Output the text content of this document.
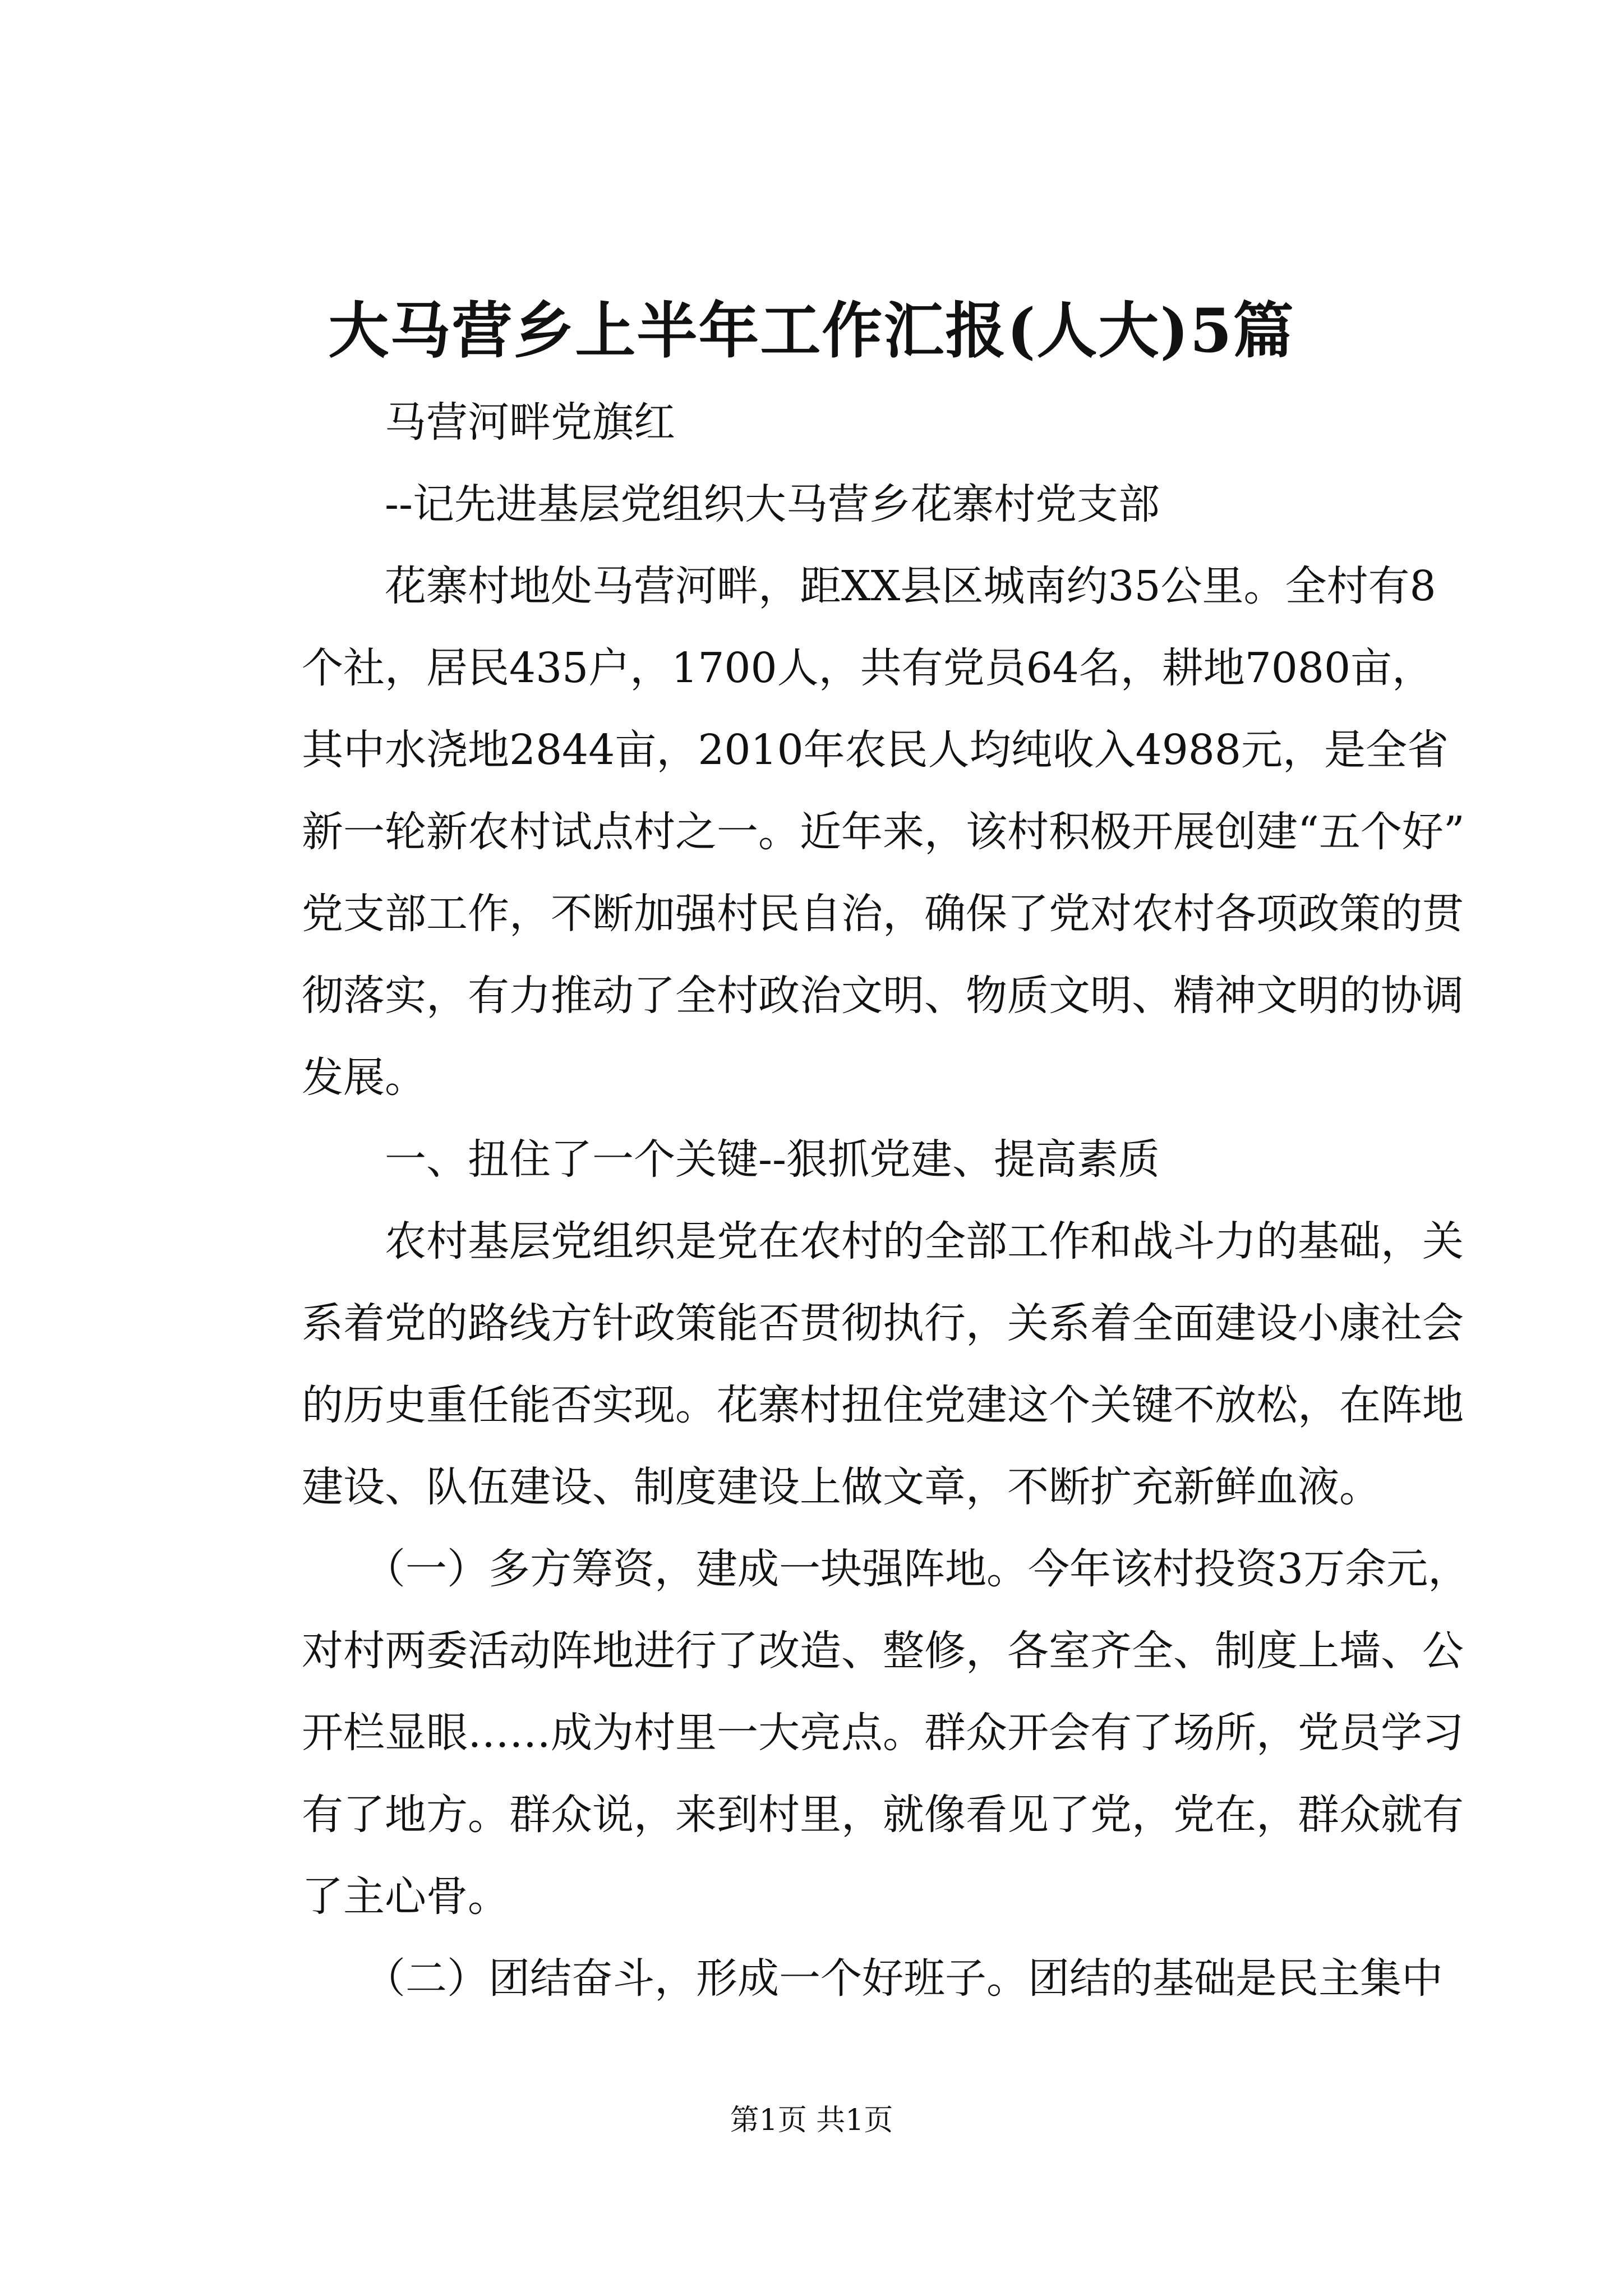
大马营乡上半年工作汇报(人大)5篇
　　马营河畔党旗红
　　--记先进基层党组织大马营乡花寨村党支部
　　花寨村地处马营河畔，距XX县区城南约35公里。全村有8
个社，居民435户，1700人，共有党员64名，耕地7080亩，
其中水浇地2844亩，2010年农民人均纯收入4988元，是全省
新一轮新农村试点村之一。近年来，该村积极开展创建“五个好”
党支部工作，不断加强村民自治，确保了党对农村各项政策的贯
彻落实，有力推动了全村政治文明、物质文明、精神文明的协调
发展。
　　一、扭住了一个关键--狠抓党建、提高素质
　　农村基层党组织是党在农村的全部工作和战斗力的基础，关
系着党的路线方针政策能否贯彻执行，关系着全面建设小康社会
的历史重任能否实现。花寨村扭住党建这个关键不放松，在阵地
建设、队伍建设、制度建设上做文章，不断扩充新鲜血液。
　　（一）多方筹资，建成一块强阵地。今年该村投资3万余元，
对村两委活动阵地进行了改造、整修，各室齐全、制度上墙、公
开栏显眼……成为村里一大亮点。群众开会有了场所，党员学习
有了地方。群众说，来到村里，就像看见了党，党在，群众就有
了主心骨。
　　（二）团结奋斗，形成一个好班子。团结的基础是民主集中
第1页 共1页
